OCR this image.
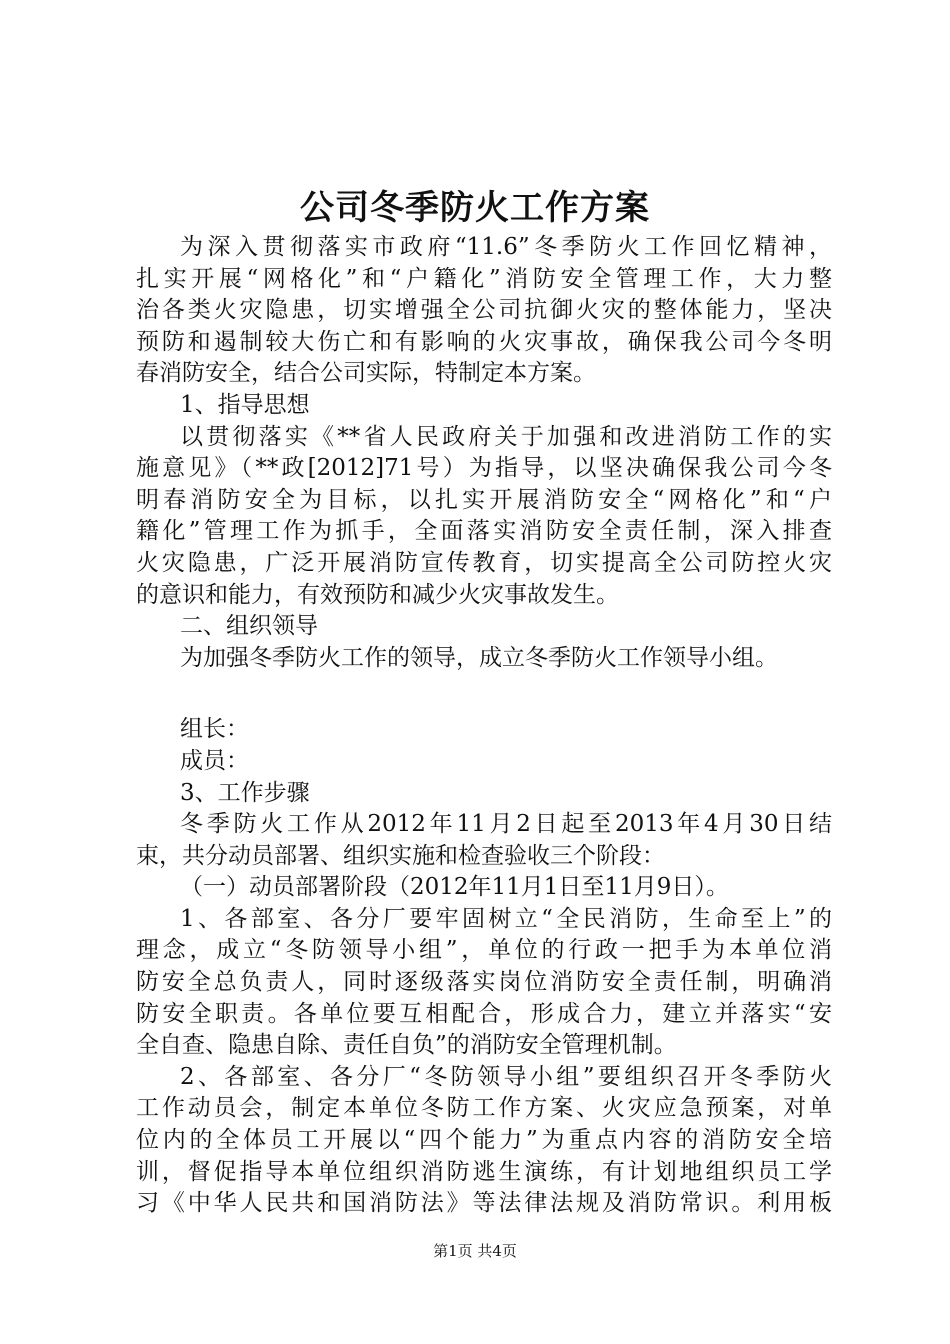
公司冬季防火工作方案
为深入贯彻落实市政府“11.6”冬季防火工作回忆精神，
扎实开展“网格化”和“户籍化”消防安全管理工作，大力整
治各类火灾隐患，切实增强全公司抗御火灾的整体能力，坚决
预防和遏制较大伤亡和有影响的火灾事故，确保我公司今冬明
春消防安全，结合公司实际，特制定本方案。
1、指导思想
以贯彻落实《**省人民政府关于加强和改进消防工作的实
施意见》（**政[2012]71号）为指导，以坚决确保我公司今冬
明春消防安全为目标，以扎实开展消防安全“网格化”和“户
籍化”管理工作为抓手，全面落实消防安全责任制，深入排查
火灾隐患，广泛开展消防宣传教育，切实提高全公司防控火灾
的意识和能力，有效预防和减少火灾事故发生。
二、组织领导
为加强冬季防火工作的领导，成立冬季防火工作领导小组。
组长：
成员：
3、工作步骤
冬季防火工作从2012年11月2日起至2013年4月30日结
束，共分动员部署、组织实施和检查验收三个阶段：
（一）动员部署阶段（2012年11月1日至11月9日）。
1、各部室、各分厂要牢固树立“全民消防，生命至上”的
理念，成立“冬防领导小组”，单位的行政一把手为本单位消
防安全总负责人，同时逐级落实岗位消防安全责任制，明确消
防安全职责。各单位要互相配合，形成合力，建立并落实“安
全自查、隐患自除、责任自负”的消防安全管理机制。
2、各部室、各分厂“冬防领导小组”要组织召开冬季防火
工作动员会，制定本单位冬防工作方案、火灾应急预案，对单
位内的全体员工开展以“四个能力”为重点内容的消防安全培
训，督促指导本单位组织消防逃生演练，有计划地组织员工学
习《中华人民共和国消防法》等法律法规及消防常识。利用板
第1页 共4页
